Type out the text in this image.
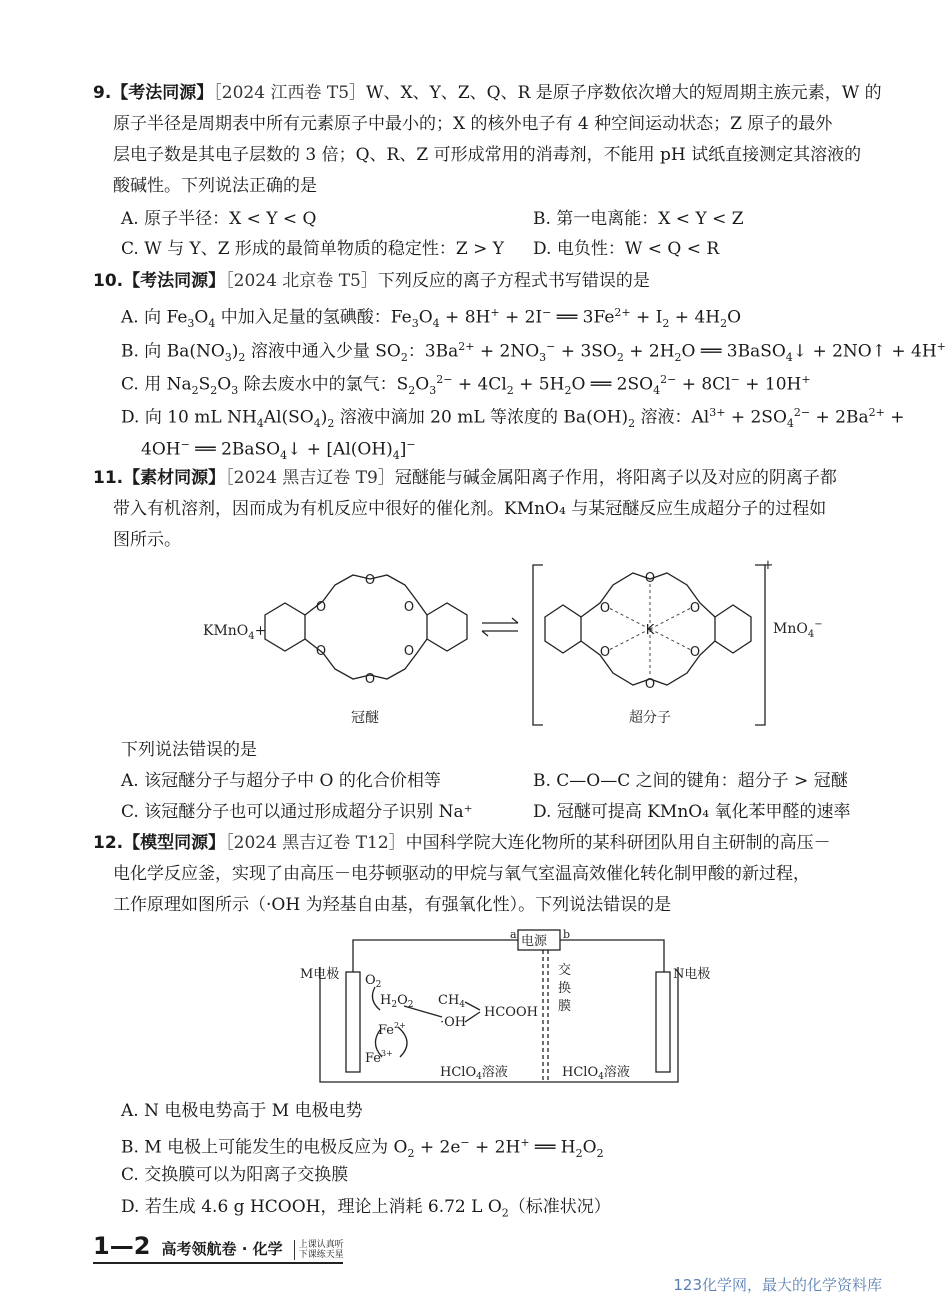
9.【考法同源】［2024 江西卷 T5］W、X、Y、Z、Q、R 是原子序数依次增大的短周期主族元素，W 的
原子半径是周期表中所有元素原子中最小的；X 的核外电子有 4 种空间运动状态；Z 原子的最外
层电子数是其电子层数的 3 倍；Q、R、Z 可形成常用的消毒剂，不能用 pH 试纸直接测定其溶液的
酸碱性。下列说法正确的是
A. 原子半径：X < Y < Q	B. 第一电离能：X < Y < Z
C. W 与 Y、Z 形成的最简单物质的稳定性：Z > Y D. 电负性：W < Q < R
10.【考法同源】［2024 北京卷 T5］下列反应的离子方程式书写错误的是
A. 向 $Fe_3O_4$ 中加入足量的氢碘酸：$Fe_3O_4 + 8H^+ + 2I^-$ ══ $3Fe^{2+} + I_2 + 4H_2O$
B. 向 $Ba(NO_3)_2$ 溶液中通入少量 $SO_2$：$3Ba^{2+} + 2NO_3^- + 3SO_2 + 2H_2O$ ══ 3BaSO$_4$↓ + 2NO↑ + 4H+
C. 用 $Na_2S_2O_3$ 除去废水中的氯气：$S_2O_3^{2-} + 4Cl_2 + 5H_2O$ ══ $2SO_4^{2-} + 8Cl^- + 10H^+$
D. 向 10 mL $NH_4Al(SO_4)_2$ 溶液中滴加 20 mL 等浓度的 $Ba(OH)_2$ 溶液：$Al^{3+} + 2SO_4^{2-} + 2Ba^{2+}$ +
4OH− ══ 2BaSO$_4$↓ + $[Al(OH)_4]^-$
11.【素材同源】［2024 黑吉辽卷 T9］冠醚能与碱金属阳离子作用，将阳离子以及对应的阴离子都
带入有机溶剂，因而成为有机反应中很好的催化剂。KMnO₄ 与某冠醚反应生成超分子的过程如
图所示。
O
O
O
O
O
O
O
O
O
O
O
O
K
冠醚	超分子
+
KMnO$_4$+	MnO$_4$−
下列说法错误的是
A. 该冠醚分子与超分子中 O 的化合价相等	B. C—O—C 之间的键角：超分子 > 冠醚
C. 该冠醚分子也可以通过形成超分子识别 Na⁺	D. 冠醚可提高 KMnO₄ 氧化苯甲醛的速率
12.【模型同源】［2024 黑吉辽卷 T12］中国科学院大连化物所的某科研团队用自主研制的高压－
电化学反应釜，实现了由高压－电芬顿驱动的甲烷与氧气室温高效催化转化制甲酸的新过程，
工作原理如图所示（·OH 为羟基自由基，有强氧化性）。下列说法错误的是
电源
a	b
M电极	N电极
$O_2$
$H_2O_2$
$Fe^{2+}$
$Fe^{3+}$
$CH_4$
·OH
HCOOH
交
换
膜
HClO$_4$溶液	HClO$_4$溶液
A. N 电极电势高于 M 电极电势
B. M 电极上可能发生的电极反应为 $O_2 + 2e^- + 2H^+$ ══ $H_2O_2$
C. 交换膜可以为阳离子交换膜
D. 若生成 4.6 g HCOOH，理论上消耗 6.72 L $O_2$（标准状况）
1—2 高考领航卷 · 化学 上课认真听
下课练天星
123化学网，最大的化学资料库
